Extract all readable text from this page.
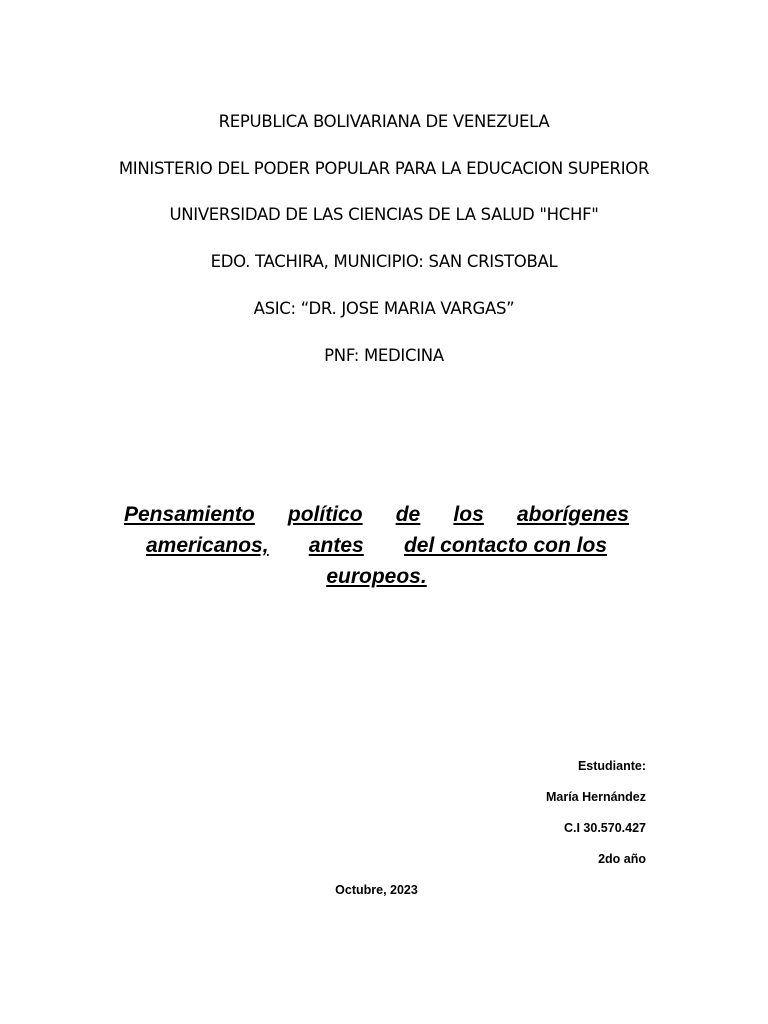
REPUBLICA BOLIVARIANA DE VENEZUELA
MINISTERIO DEL PODER POPULAR PARA LA EDUCACION SUPERIOR
UNIVERSIDAD DE LAS CIENCIAS DE LA SALUD "HCHF"
EDO. TACHIRA, MUNICIPIO: SAN CRISTOBAL
ASIC: “DR. JOSE MARIA VARGAS”
PNF: MEDICINA
Pensamiento político de los aborígenes
americanos, antes del contacto con los
europeos.
Estudiante:
María Hernández
C.I 30.570.427
2do año
Octubre, 2023
